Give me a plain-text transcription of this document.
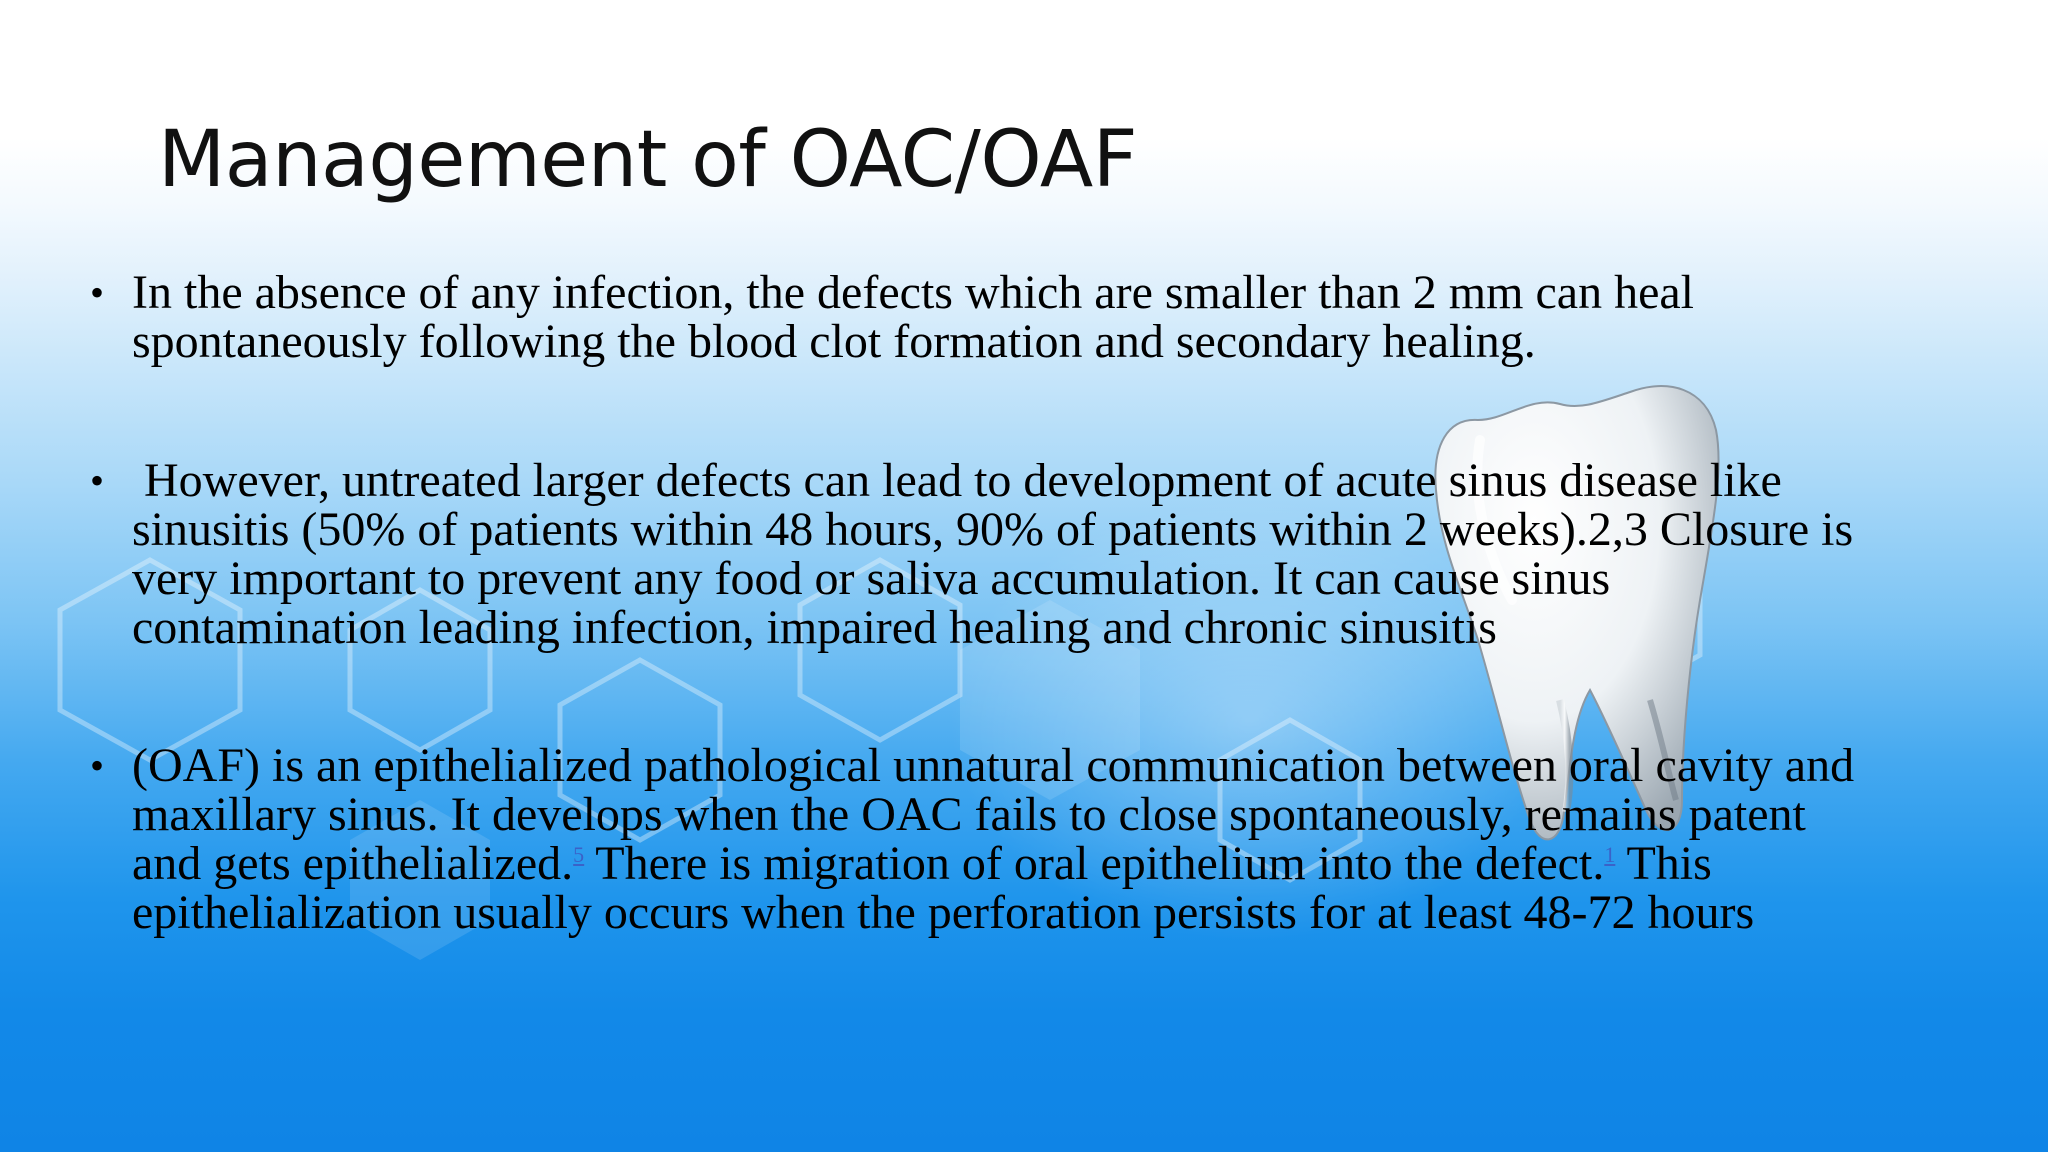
Management of OAC/OAF
• In the absence of any infection, the defects which are smaller than 2 mm can heal spontaneously following the blood clot formation and secondary healing.
• However, untreated larger defects can lead to development of acute sinus disease like sinusitis (50% of patients within 48 hours, 90% of patients within 2 weeks).2,3 Closure is very important to prevent any food or saliva accumulation. It can cause sinus contamination leading infection, impaired healing and chronic sinusitis
• (OAF) is an epithelialized pathological unnatural communication between oral cavity and maxillary sinus. It develops when the OAC fails to close spontaneously, remains patent and gets epithelialized.$^5$ There is migration of oral epithelium into the defect.$^1$ This epithelialization usually occurs when the perforation persists for at least 48-72 hours
